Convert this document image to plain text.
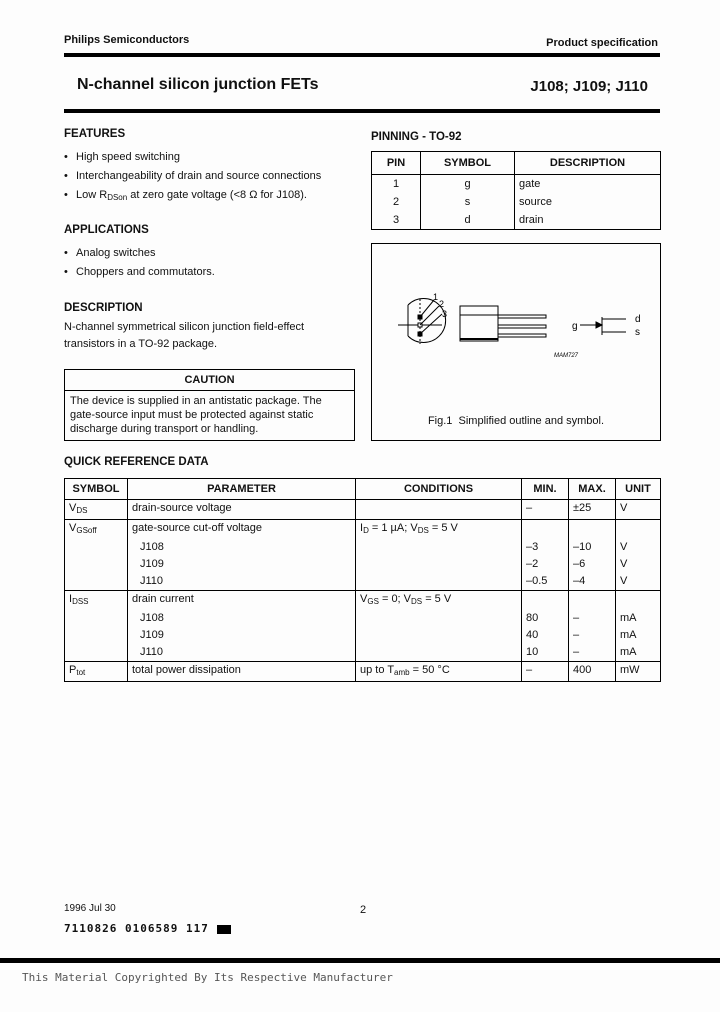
Philips Semiconductors	Product specification
N-channel silicon junction FETs	J108; J109; J110
FEATURES
• High speed switching
• Interchangeability of drain and source connections
• Low $R_{DSon}$ at zero gate voltage (<8 Ω for J108).
APPLICATIONS
• Analog switches
• Choppers and commutators.
DESCRIPTION
N-channel symmetrical silicon junction field-effect transistors in a TO-92 package.
CAUTION
The device is supplied in an antistatic package. The gate-source input must be protected against static discharge during transport or handling.
PINNING - TO-92
PIN	SYMBOL	DESCRIPTION
1	g	gate
2	s	source
3	d	drain
1
2
3
g
d
s
MAM727
Fig.1  Simplified outline and symbol.
QUICK REFERENCE DATA
SYMBOL	PARAMETER	CONDITIONS	MIN.	MAX.	UNIT
$V_{DS}$	drain-source voltage		–	±25	V
$V_{GSoff}$	gate-source cut-off voltage	$I_D = 1$ µA; $V_{DS} = 5$ V			
	J108		–3	–10	V
	J109		–2	–6	V
	J110		–0.5	–4	V
$I_{DSS}$	drain current	$V_{GS} = 0$; $V_{DS} = 5$ V			
	J108		80	–	mA
	J109		40	–	mA
	J110		10	–	mA
$P_{tot}$	total power dissipation	up to $T_{amb} = 50$ °C	–	400	mW
1996 Jul 30	2
7110826 0106589 117
This Material Copyrighted By Its Respective Manufacturer
